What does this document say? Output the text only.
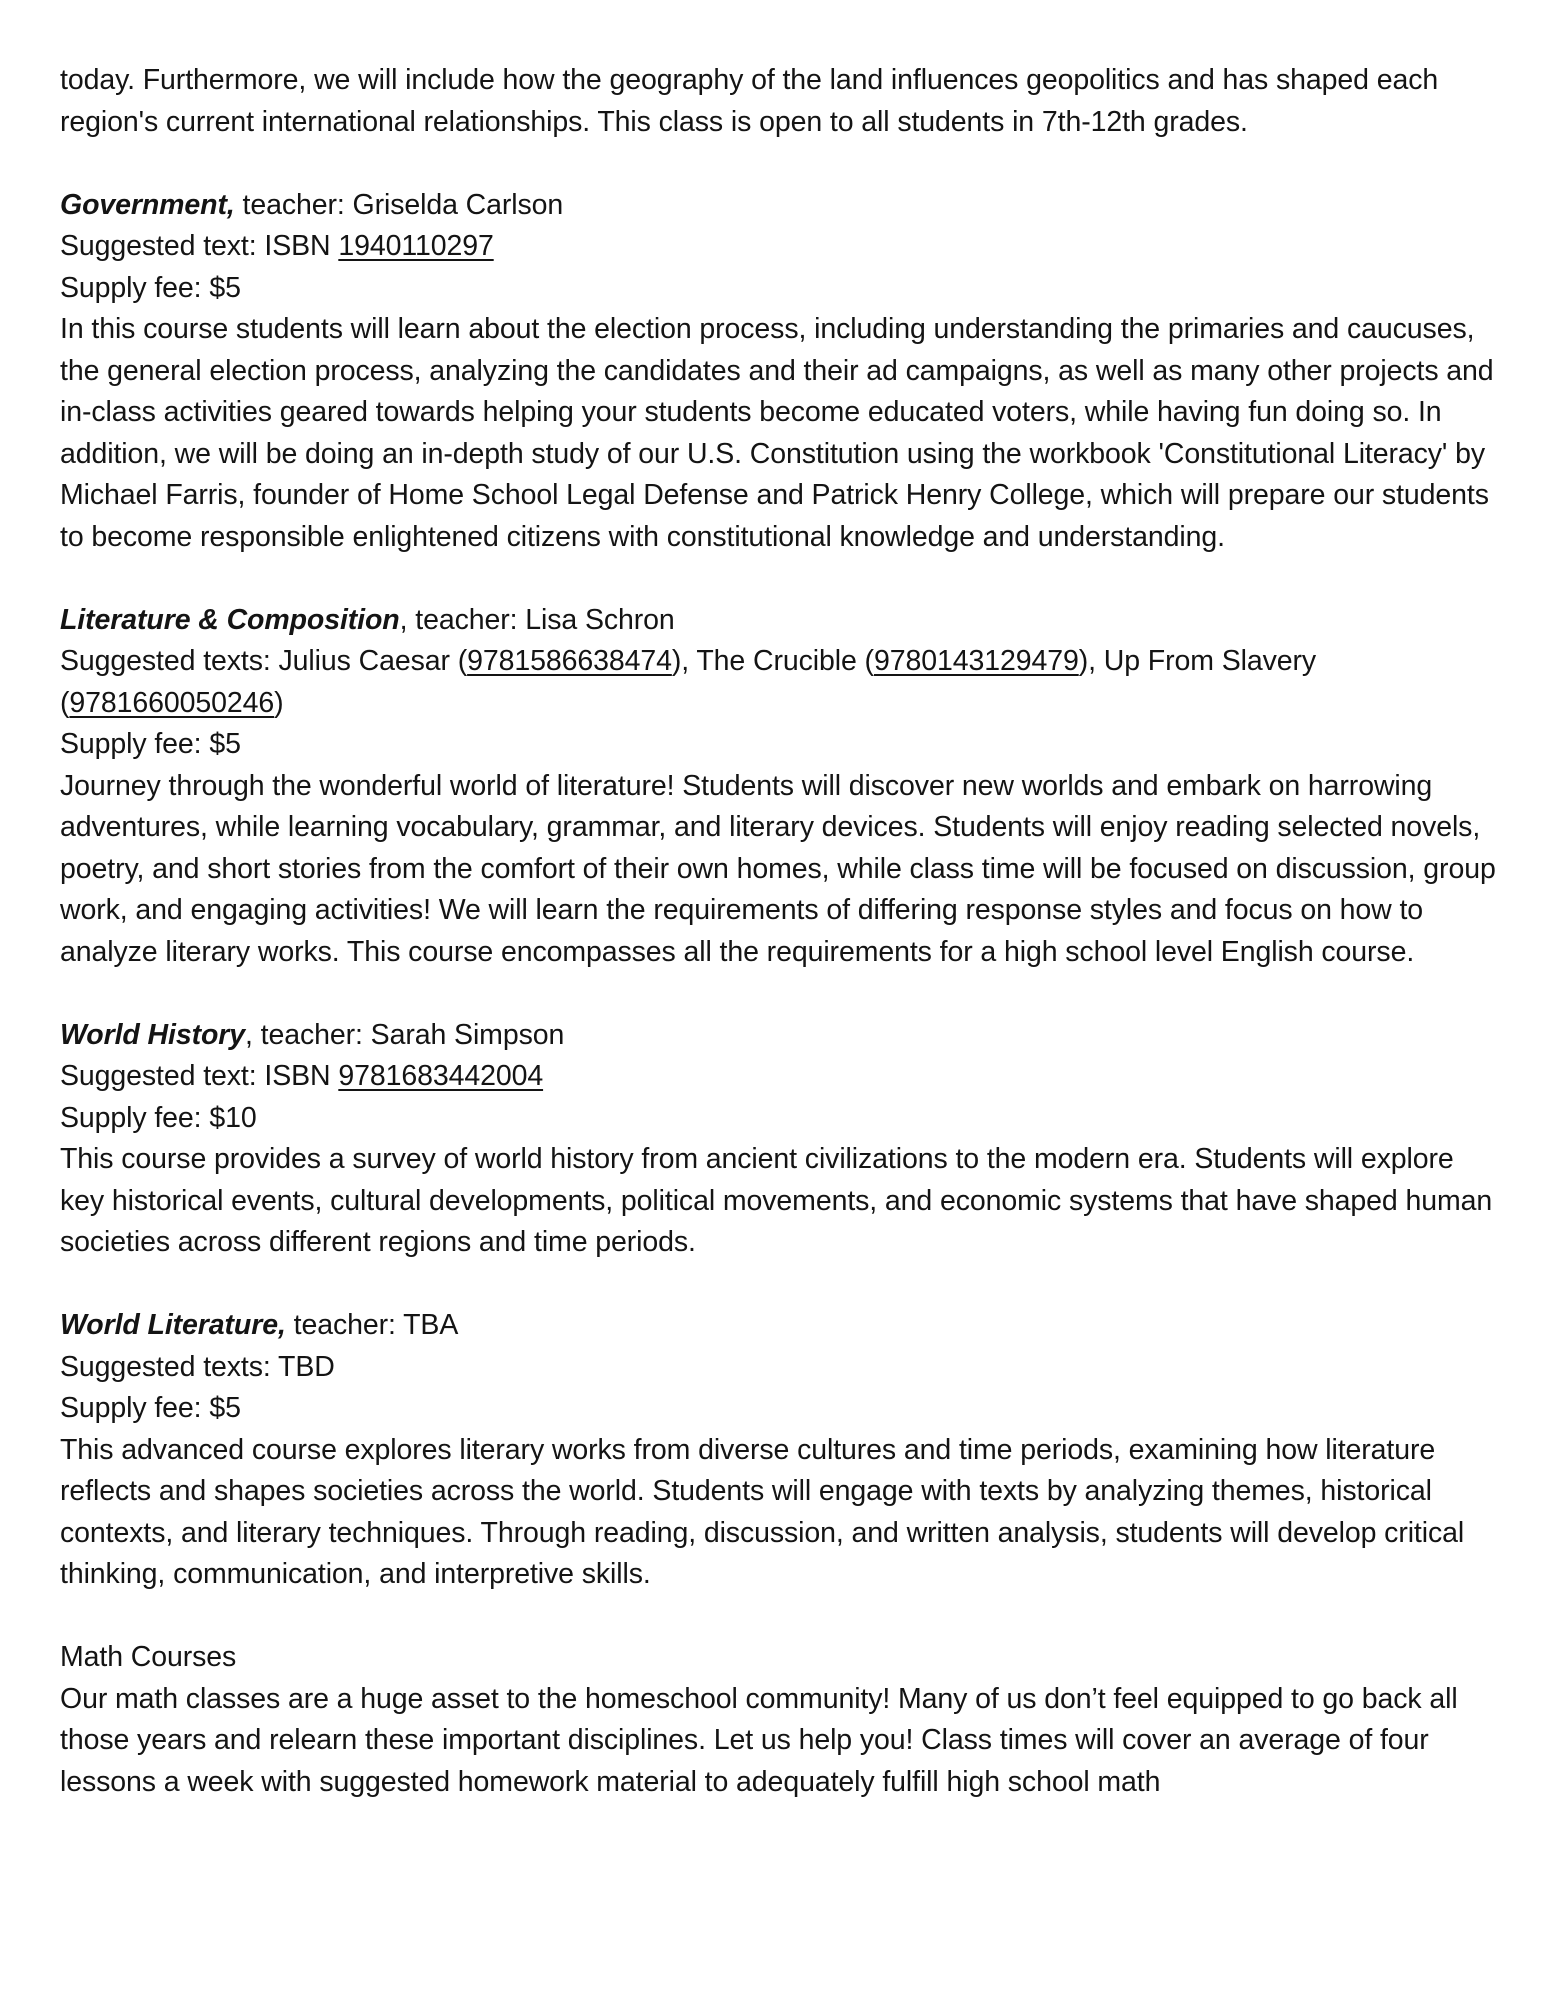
today. Furthermore, we will include how the geography of the land influences geopolitics and has shaped each region's current international relationships. This class is open to all students in 7th-12th grades.

Government, teacher: Griselda Carlson

Suggested text: ISBN 1940110297

Supply fee: $5

In this course students will learn about the election process, including understanding the primaries and caucuses, the general election process, analyzing the candidates and their ad campaigns, as well as many other projects and in-class activities geared towards helping your students become educated voters, while having fun doing so. In addition, we will be doing an in-depth study of our U.S. Constitution using the workbook 'Constitutional Literacy' by Michael Farris, founder of Home School Legal Defense and Patrick Henry College, which will prepare our students to become responsible enlightened citizens with constitutional knowledge and understanding.

Literature & Composition, teacher: Lisa Schron

Suggested texts: Julius Caesar (9781586638474), The Crucible (9780143129479), Up From Slavery (9781660050246)

Supply fee: $5

Journey through the wonderful world of literature! Students will discover new worlds and embark on harrowing adventures, while learning vocabulary, grammar, and literary devices. Students will enjoy reading selected novels, poetry, and short stories from the comfort of their own homes, while class time will be focused on discussion, group work, and engaging activities! We will learn the requirements of differing response styles and focus on how to analyze literary works. This course encompasses all the requirements for a high school level English course.

World History, teacher: Sarah Simpson

Suggested text: ISBN 9781683442004

Supply fee: $10

This course provides a survey of world history from ancient civilizations to the modern era. Students will explore key historical events, cultural developments, political movements, and economic systems that have shaped human societies across different regions and time periods.

World Literature, teacher: TBA

Suggested texts: TBD

Supply fee: $5

This advanced course explores literary works from diverse cultures and time periods, examining how literature reflects and shapes societies across the world. Students will engage with texts by analyzing themes, historical contexts, and literary techniques. Through reading, discussion, and written analysis, students will develop critical thinking, communication, and interpretive skills.

Math Courses

Our math classes are a huge asset to the homeschool community! Many of us don’t feel equipped to go back all those years and relearn these important disciplines. Let us help you! Class times will cover an average of four lessons a week with suggested homework material to adequately fulfill high school math
